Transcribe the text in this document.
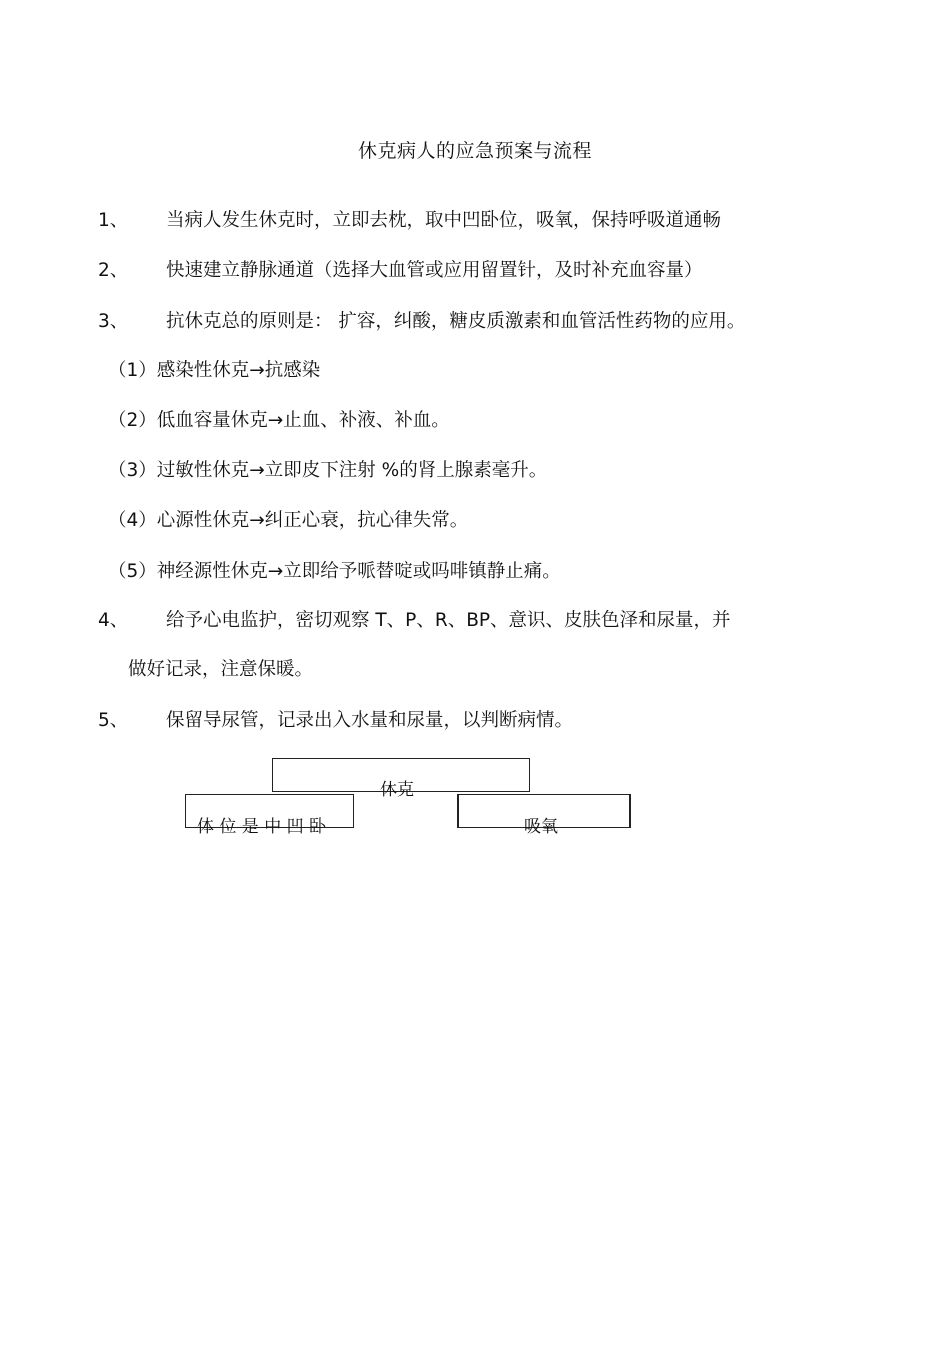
休克病人的应急预案与流程
1、	当病人发生休克时，立即去枕，取中凹卧位，吸氧，保持呼吸道通畅
2、	快速建立静脉通道（选择大血管或应用留置针，及时补充血容量）
3、	抗休克总的原则是： 扩容，纠酸，糖皮质激素和血管活性药物的应用。
（1）感染性休克→抗感染
（2）低血容量休克→止血、补液、补血。
（3）过敏性休克→立即皮下注射 %的肾上腺素毫升。
（4）心源性休克→纠正心衰，抗心律失常。
（5）神经源性休克→立即给予哌替啶或吗啡镇静止痛。
4、	给予心电监护，密切观察 T、P、R、BP、意识、皮肤色泽和尿量，并
做好记录，注意保暖。
5、	保留导尿管，记录出入水量和尿量，以判断病情。
休克
体 位 是 中 凹 卧	吸氧
